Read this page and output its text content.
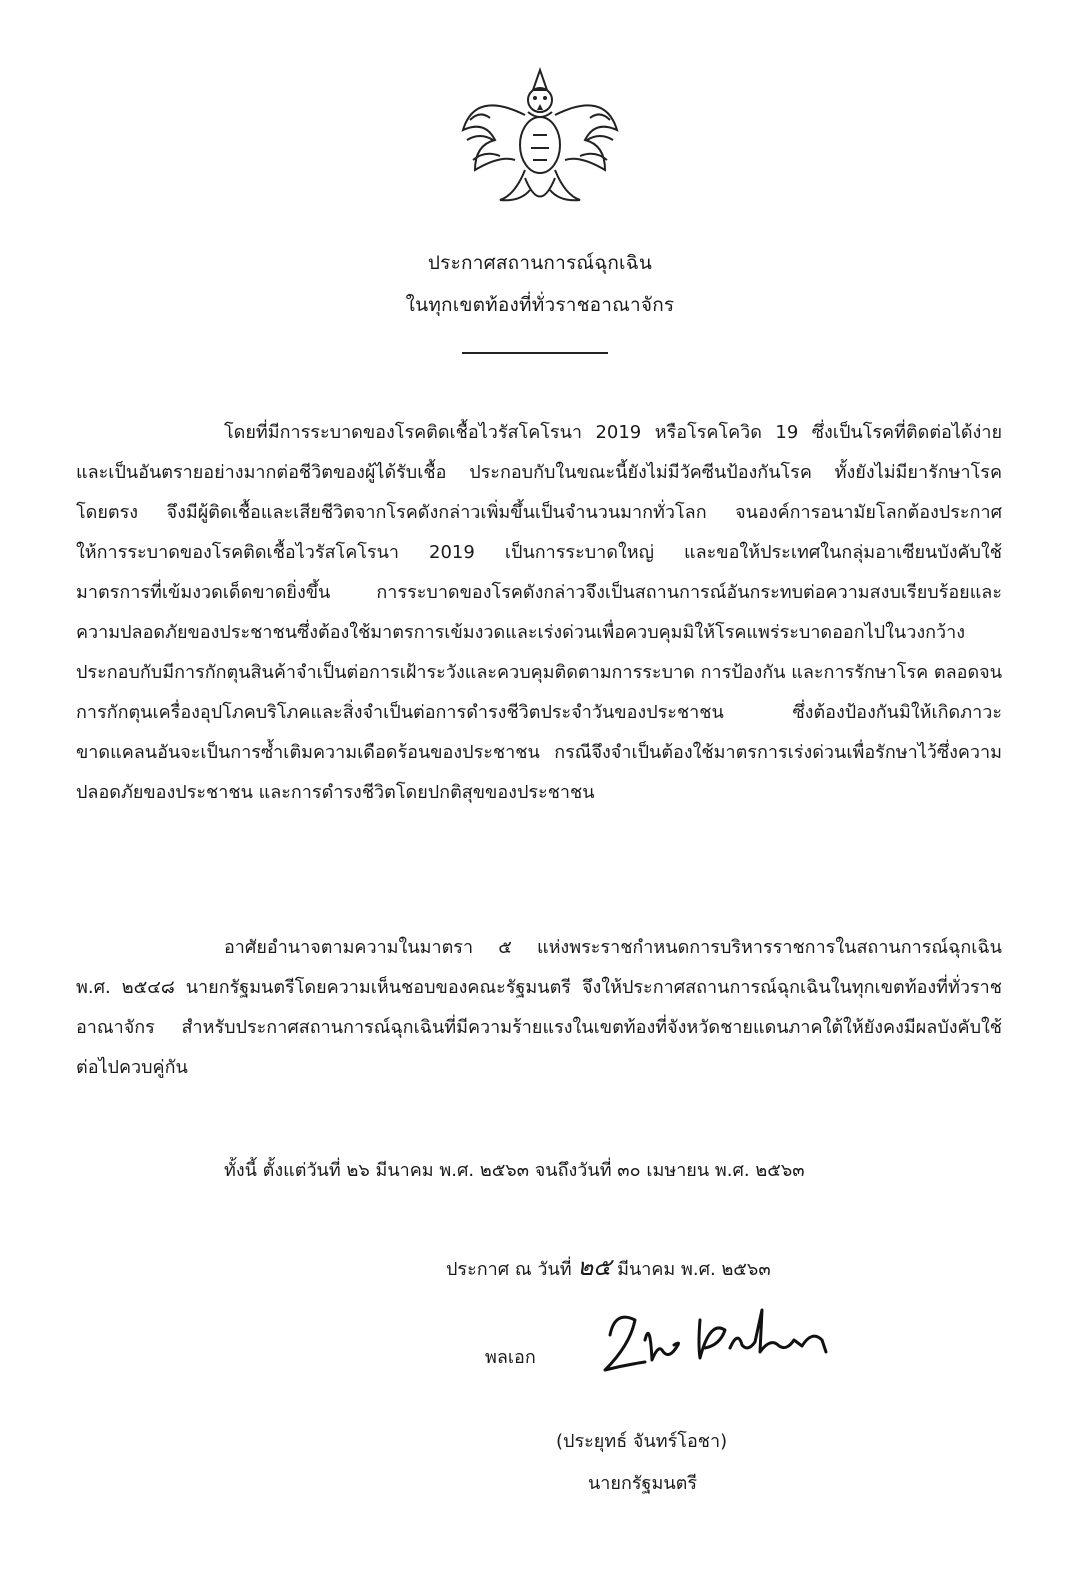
ประกาศสถานการณ์ฉุกเฉิน
ในทุกเขตท้องที่ทั่วราชอาณาจักร
โดยที่มีการระบาดของโรคติดเชื้อไวรัสโคโรนา 2019 หรือโรคโควิด 19 ซึ่งเป็นโรคที่ติดต่อได้ง่ายและเป็นอันตรายอย่างมากต่อชีวิตของผู้ได้รับเชื้อ ประกอบกับในขณะนี้ยังไม่มีวัคซีนป้องกันโรค ทั้งยังไม่มียารักษาโรคโดยตรง จึงมีผู้ติดเชื้อและเสียชีวิตจากโรคดังกล่าวเพิ่มขึ้นเป็นจำนวนมากทั่วโลก จนองค์การอนามัยโลกต้องประกาศให้การระบาดของโรคติดเชื้อไวรัสโคโรนา 2019 เป็นการระบาดใหญ่ และขอให้ประเทศในกลุ่มอาเซียนบังคับใช้มาตรการที่เข้มงวดเด็ดขาดยิ่งขึ้น การระบาดของโรคดังกล่าวจึงเป็นสถานการณ์อันกระทบต่อความสงบเรียบร้อยและความปลอดภัยของประชาชนซึ่งต้องใช้มาตรการเข้มงวดและเร่งด่วนเพื่อควบคุมมิให้โรคแพร่ระบาดออกไปในวงกว้าง ประกอบกับมีการกักตุนสินค้าจำเป็นต่อการเฝ้าระวังและควบคุมติดตามการระบาด การป้องกัน และการรักษาโรค ตลอดจนการกักตุนเครื่องอุปโภคบริโภคและสิ่งจำเป็นต่อการดำรงชีวิตประจำวันของประชาชน ซึ่งต้องป้องกันมิให้เกิดภาวะขาดแคลนอันจะเป็นการซ้ำเติมความเดือดร้อนของประชาชน กรณีจึงจำเป็นต้องใช้มาตรการเร่งด่วนเพื่อรักษาไว้ซึ่งความปลอดภัยของประชาชน และการดำรงชีวิตโดยปกติสุขของประชาชน
อาศัยอำนาจตามความในมาตรา ๕ แห่งพระราชกำหนดการบริหารราชการในสถานการณ์ฉุกเฉิน พ.ศ. ๒๕๔๘ นายกรัฐมนตรีโดยความเห็นชอบของคณะรัฐมนตรี จึงให้ประกาศสถานการณ์ฉุกเฉินในทุกเขตท้องที่ทั่วราชอาณาจักร สำหรับประกาศสถานการณ์ฉุกเฉินที่มีความร้ายแรงในเขตท้องที่จังหวัดชายแดนภาคใต้ให้ยังคงมีผลบังคับใช้ต่อไปควบคู่กัน
ทั้งนี้ ตั้งแต่วันที่ ๒๖ มีนาคม พ.ศ. ๒๕๖๓ จนถึงวันที่ ๓๐ เมษายน พ.ศ. ๒๕๖๓
ประกาศ ณ วันที่ ๒๕ มีนาคม พ.ศ. ๒๕๖๓
พลเอก
(ประยุทธ์ จันทร์โอชา)
นายกรัฐมนตรี
